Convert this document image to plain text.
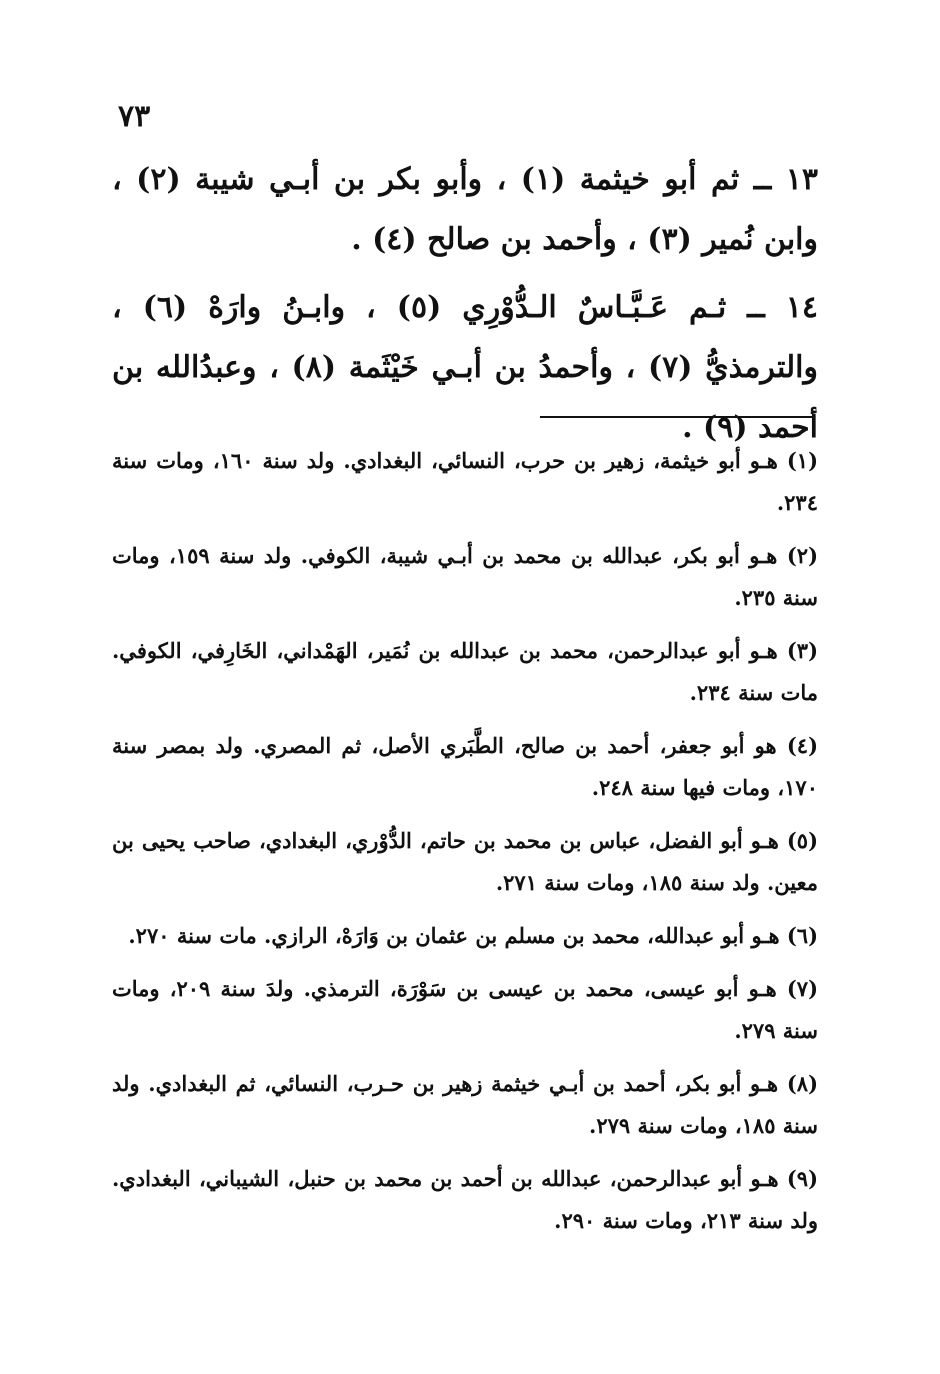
٧٣

١٣ ــ ثم أبو خيثمة (١) ، وأبو بكر بن أبـي شيبة (٢) ، وابن نُمير (٣) ، وأحمد بن صالح (٤) .

١٤ ــ ثـم عَـبَّـاسٌ الـدُّوْرِي (٥) ، وابـنُ وارَهْ (٦) ، والترمذيُّ (٧) ، وأحمدُ بن أبـي خَيْثَمة (٨) ، وعبدُالله بن أحمد (٩) .

(١) هـو أبو خيثمة، زهير بن حرب، النسائي، البغدادي. ولد سنة ١٦٠، ومات سنة ٢٣٤.

(٢) هـو أبو بكر، عبدالله بن محمد بن أبـي شيبة، الكوفي. ولد سنة ١٥٩، ومات سنة ٢٣٥.

(٣) هـو أبو عبدالرحمن، محمد بن عبدالله بن نُمَير، الهَمْداني، الخَارِفي، الكوفي. مات سنة ٢٣٤.

(٤) هو أبو جعفر، أحمد بن صالح، الطَّبَري الأصل، ثم المصري. ولد بمصر سنة ١٧٠، ومات فيها سنة ٢٤٨.

(٥) هـو أبو الفضل، عباس بن محمد بن حاتم، الدُّوْري، البغدادي، صاحب يحيى بن معين. ولد سنة ١٨٥، ومات سنة ٢٧١.

(٦) هـو أبو عبدالله، محمد بن مسلم بن عثمان بن وَارَهْ، الرازي. مات سنة ٢٧٠.

(٧) هـو أبو عيسى، محمد بن عيسى بن سَوْرَة، الترمذي. ولدَ سنة ٢٠٩، ومات سنة ٢٧٩.

(٨) هـو أبو بكر، أحمد بن أبـي خيثمة زهير بن حـرب، النسائي، ثم البغدادي. ولد سنة ١٨٥، ومات سنة ٢٧٩.

(٩) هـو أبو عبدالرحمن، عبدالله بن أحمد بن محمد بن حنبل، الشيباني، البغدادي. ولد سنة ٢١٣، ومات سنة ٢٩٠.
